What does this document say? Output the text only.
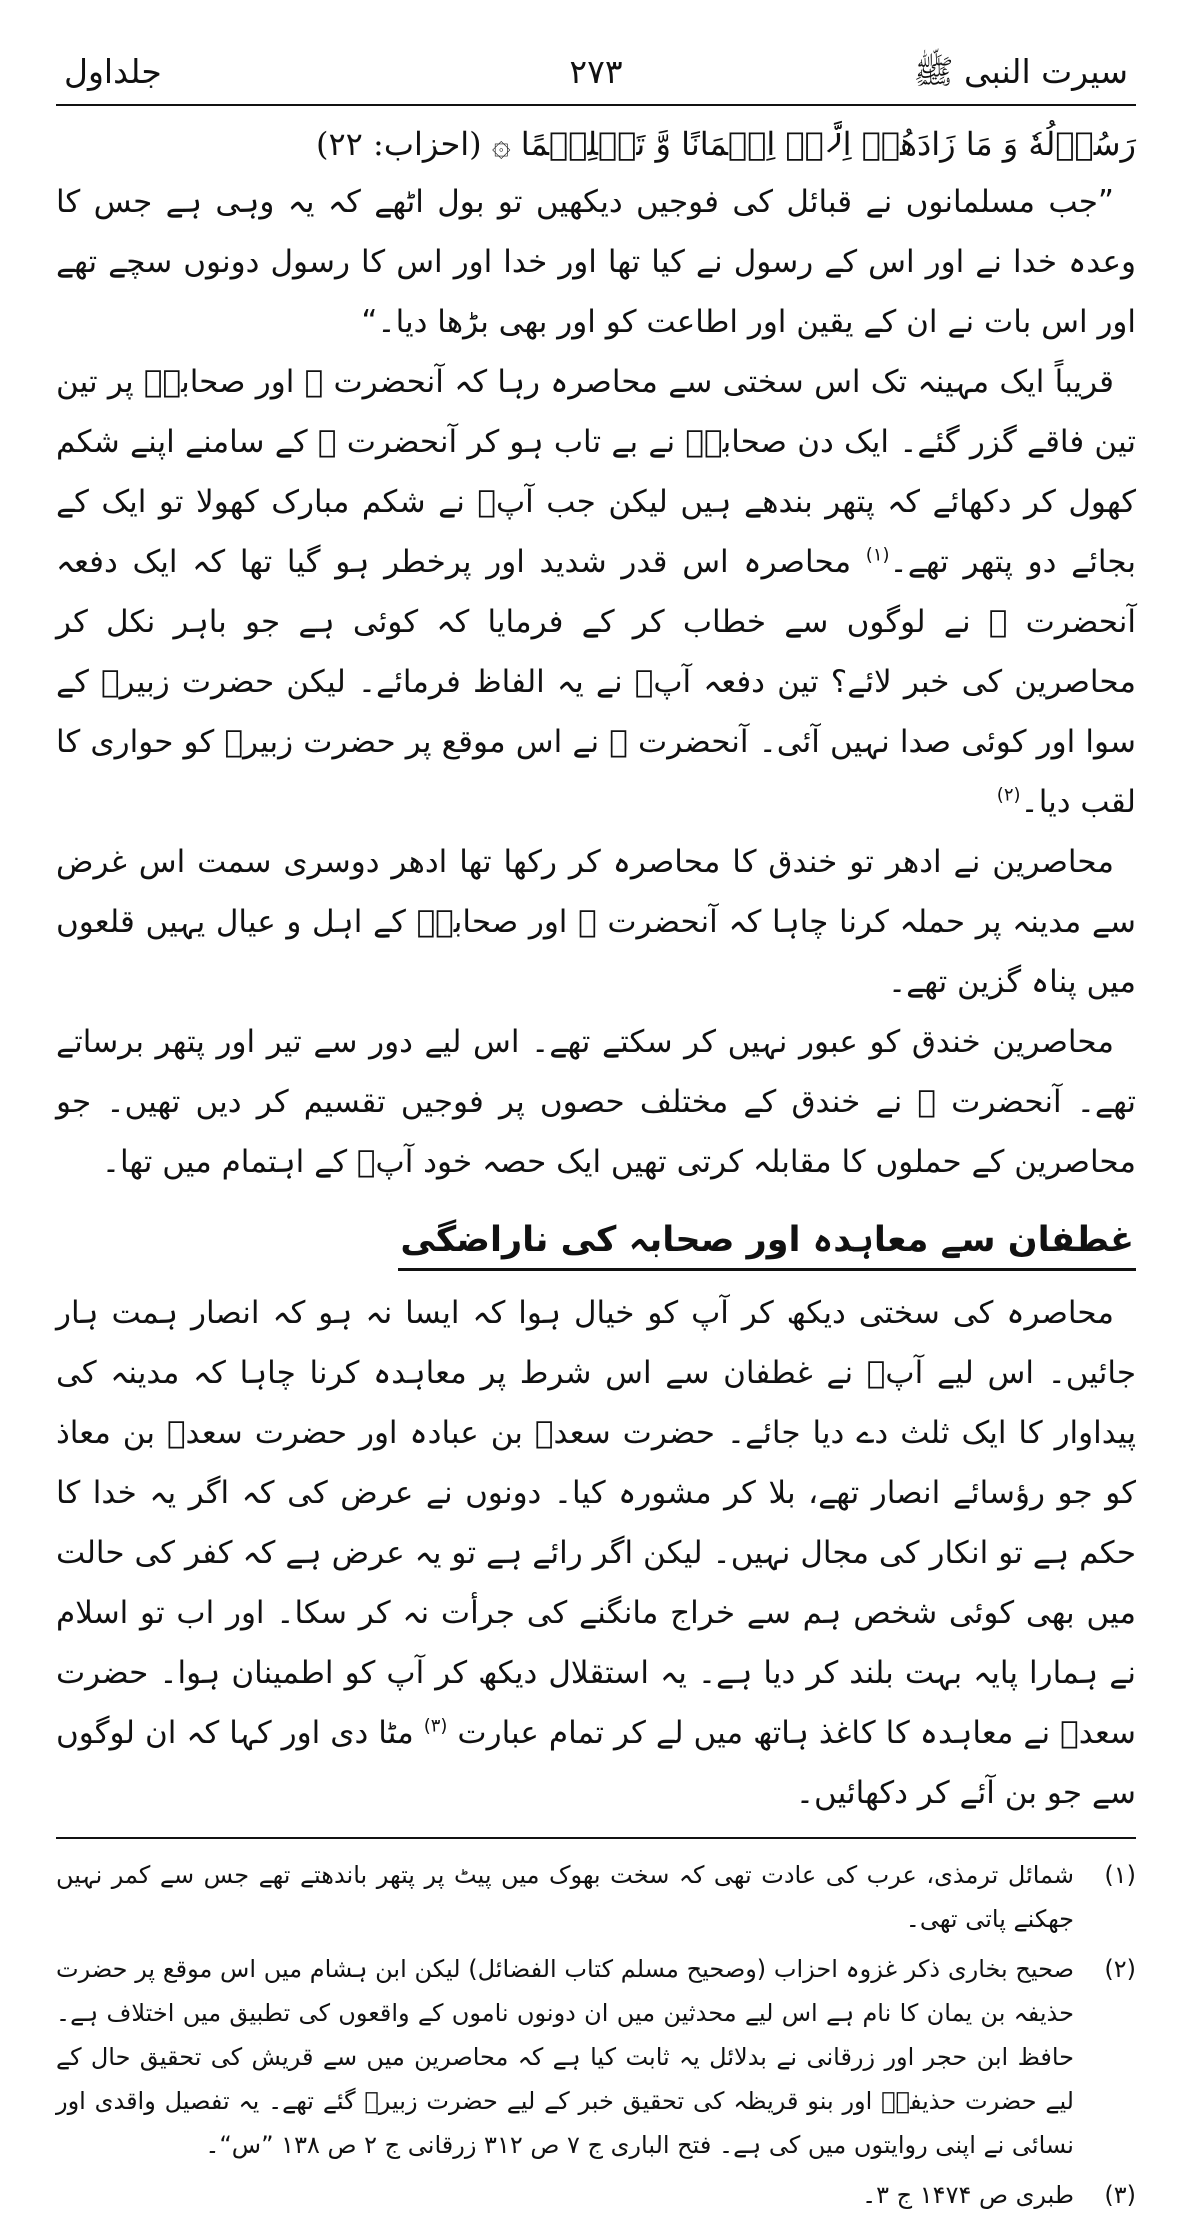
سیرت النبی ﷺ
۲۷۳
جلداول
رَسُوۡلُهٗ وَ مَا زَادَهُمۡ اِلَّاۤ اِیۡمَانًا وَّ تَسۡلِیۡمًا ۞ (احزاب: ۲۲)

”جب مسلمانوں نے قبائل کی فوجیں دیکھیں تو بول اٹھے کہ یہ وہی ہے جس کا وعدہ خدا نے اور اس کے رسول نے کیا تھا اور خدا اور اس کا رسول دونوں سچے تھے اور اس بات نے ان کے یقین اور اطاعت کو اور بھی بڑھا دیا۔“

قریباً ایک مہینہ تک اس سختی سے محاصرہ رہا کہ آنحضرت ﷺ اور صحابہؓ پر تین تین فاقے گزر گئے۔ ایک دن صحابہؓ نے بے تاب ہو کر آنحضرت ﷺ کے سامنے اپنے شکم کھول کر دکھائے کہ پتھر بندھے ہیں لیکن جب آپؐ نے شکم مبارک کھولا تو ایک کے بجائے دو پتھر تھے۔$^{(۱)}$ محاصرہ اس قدر شدید اور پرخطر ہو گیا تھا کہ ایک دفعہ آنحضرت ﷺ نے لوگوں سے خطاب کر کے فرمایا کہ کوئی ہے جو باہر نکل کر محاصرین کی خبر لائے؟ تین دفعہ آپؐ نے یہ الفاظ فرمائے۔ لیکن حضرت زبیرؓ کے سوا اور کوئی صدا نہیں آئی۔ آنحضرت ﷺ نے اس موقع پر حضرت زبیرؓ کو حواری کا لقب دیا۔$^{(۲)}$

محاصرین نے ادھر تو خندق کا محاصرہ کر رکھا تھا ادھر دوسری سمت اس غرض سے مدینہ پر حملہ کرنا چاہا کہ آنحضرت ﷺ اور صحابہؓ کے اہل و عیال یہیں قلعوں میں پناہ گزین تھے۔

محاصرین خندق کو عبور نہیں کر سکتے تھے۔ اس لیے دور سے تیر اور پتھر برساتے تھے۔ آنحضرت ﷺ نے خندق کے مختلف حصوں پر فوجیں تقسیم کر دیں تھیں۔ جو محاصرین کے حملوں کا مقابلہ کرتی تھیں ایک حصہ خود آپؐ کے اہتمام میں تھا۔

غطفان سے معاہدہ اور صحابہ کی ناراضگی

محاصرہ کی سختی دیکھ کر آپ کو خیال ہوا کہ ایسا نہ ہو کہ انصار ہمت ہار جائیں۔ اس لیے آپؐ نے غطفان سے اس شرط پر معاہدہ کرنا چاہا کہ مدینہ کی پیداوار کا ایک ثلث دے دیا جائے۔ حضرت سعدؓ بن عبادہ اور حضرت سعدؓ بن معاذ کو جو رؤسائے انصار تھے، بلا کر مشورہ کیا۔ دونوں نے عرض کی کہ اگر یہ خدا کا حکم ہے تو انکار کی مجال نہیں۔ لیکن اگر رائے ہے تو یہ عرض ہے کہ کفر کی حالت میں بھی کوئی شخص ہم سے خراج مانگنے کی جرأت نہ کر سکا۔ اور اب تو اسلام نے ہمارا پایہ بہت بلند کر دیا ہے۔ یہ استقلال دیکھ کر آپ کو اطمینان ہوا۔ حضرت سعدؓ نے معاہدہ کا کاغذ ہاتھ میں لے کر تمام عبارت $^{(۳)}$ مٹا دی اور کہا کہ ان لوگوں سے جو بن آئے کر دکھائیں۔

(۱)
شمائل ترمذی، عرب کی عادت تھی کہ سخت بھوک میں پیٹ پر پتھر باندھتے تھے جس سے کمر نہیں جھکنے پاتی تھی۔
(۲)
صحیح بخاری ذکر غزوہ احزاب (وصحیح مسلم کتاب الفضائل) لیکن ابن ہشام میں اس موقع پر حضرت حذیفہ بن یمان کا نام ہے اس لیے محدثین میں ان دونوں ناموں کے واقعوں کی تطبیق میں اختلاف ہے۔ حافظ ابن حجر اور زرقانی نے بدلائل یہ ثابت کیا ہے کہ محاصرین میں سے قریش کی تحقیق حال کے لیے حضرت حذیفہؓ اور بنو قریظہ کی تحقیق خبر کے لیے حضرت زبیرؓ گئے تھے۔ یہ تفصیل واقدی اور نسائی نے اپنی روایتوں میں کی ہے۔ فتح الباری ج ۷ ص ۳۱۲ زرقانی ج ۲ ص ۱۳۸ ”س“۔
(۳)
طبری ص ۱۴۷۴ ج ۳۔
